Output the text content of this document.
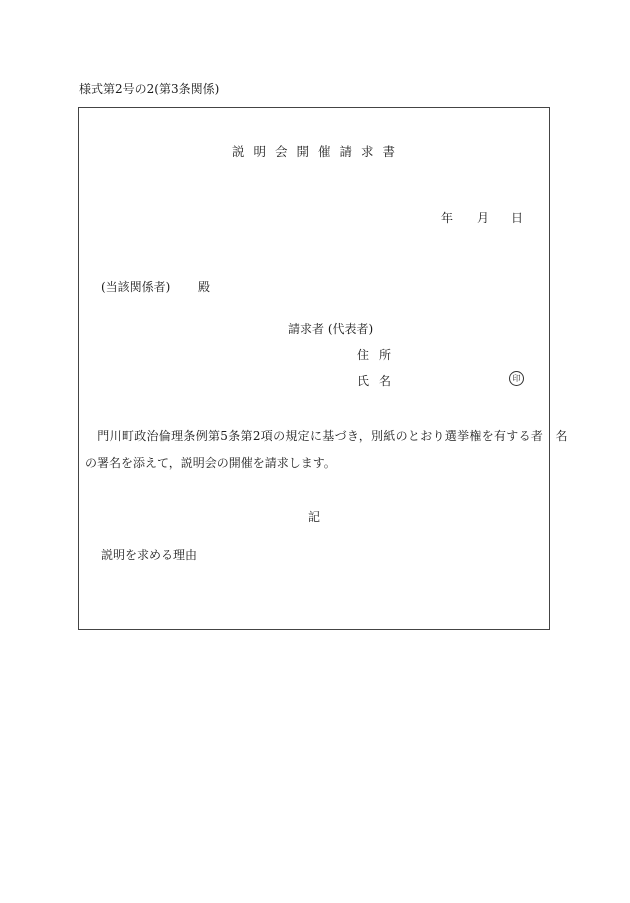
様式第2号の2(第3条関係)
説明会開催請求書
年 月 日
(当該関係者) 殿
請求者 (代表者)
住所
氏名	印
　門川町政治倫理条例第5条第2項の規定に基づき，別紙のとおり選挙権を有する者　名
の署名を添えて，説明会の開催を請求します。
記
説明を求める理由
